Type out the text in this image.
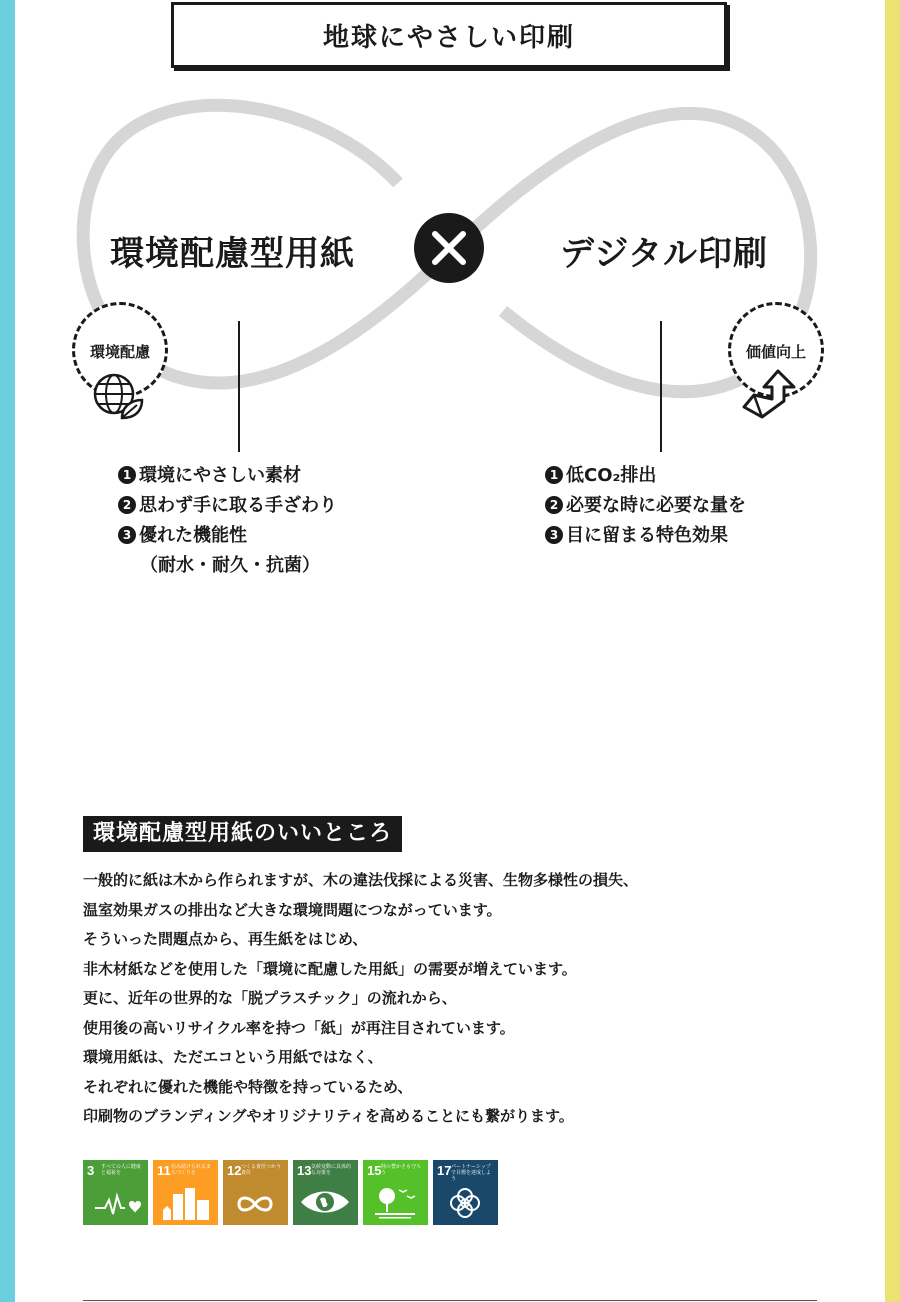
地球にやさしい印刷
環境配慮型用紙	デジタル印刷
環境配慮	価値向上
1 環境にやさしい素材
2 思わず手に取る手ざわり
3 優れた機能性
（耐水・耐久・抗菌）
1 低CO₂排出
2 必要な時に必要な量を
3 目に留まる特色効果
環境配慮型用紙のいいところ

一般的に紙は木から作られますが、木の違法伐採による災害、生物多様性の損失、

温室効果ガスの排出など大きな環境問題につながっています。

そういった問題点から、再生紙をはじめ、

非木材紙などを使用した「環境に配慮した用紙」の需要が増えています。

更に、近年の世界的な「脱プラスチック」の流れから、

使用後の高いリサイクル率を持つ「紙」が再注目されています。

環境用紙は、ただエコという用紙ではなく、

それぞれに優れた機能や特徴を持っているため、

印刷物のブランディングやオリジナリティを高めることにも繋がります。

3 すべての人に健康と福祉を	11 住み続けられるまちづくりを	12 つくる責任つかう責任	13 気候変動に具体的な対策を	15 陸の豊かさも守ろう	17 パートナーシップで目標を達成しよう
